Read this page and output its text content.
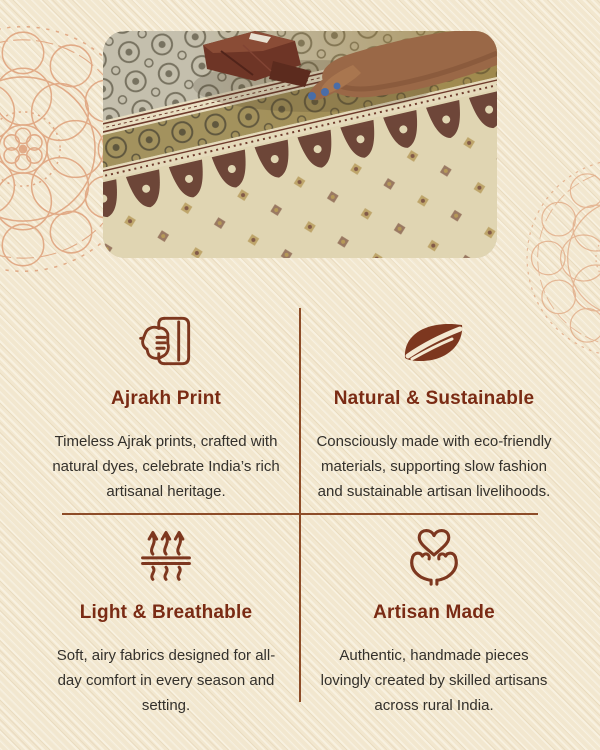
Ajrakh Print
Timeless Ajrak prints, crafted with natural dyes, celebrate India’s rich artisanal heritage.
Natural & Sustainable
Consciously made with eco-friendly materials, supporting slow fashion and sustainable artisan livelihoods.
Light & Breathable
Soft, airy fabrics designed for all-day comfort in every season and setting.
Artisan Made
Authentic, handmade pieces lovingly created by skilled artisans across rural India.
